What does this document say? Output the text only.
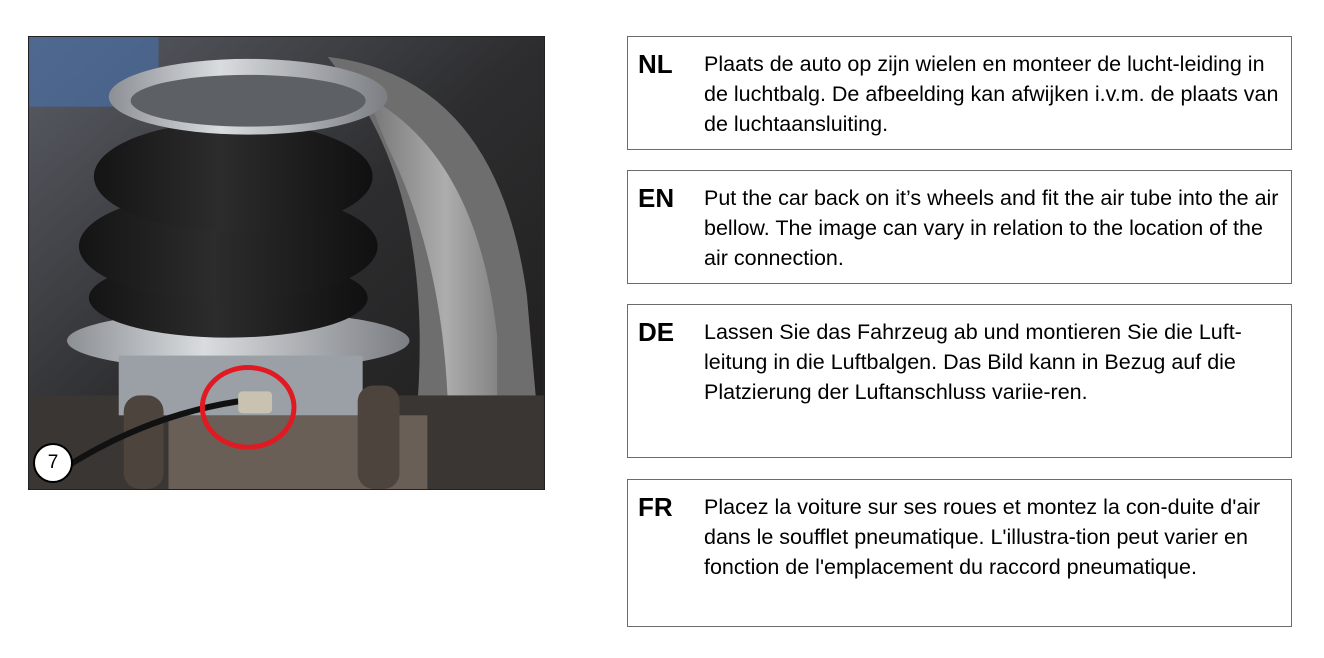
7
NL	Plaats de auto op zijn wielen en monteer de lucht-leiding in de luchtbalg. De afbeelding kan afwijken i.v.m. de plaats van de luchtaansluiting.
EN	Put the car back on it’s wheels and fit the air tube into the air bellow. The image can vary in relation to the location of the air connection.
DE	Lassen Sie das Fahrzeug ab und montieren Sie die Luft-leitung in die Luftbalgen. Das Bild kann in Bezug auf die Platzierung der Luftanschluss variie-ren.
FR	Placez la voiture sur ses roues et montez la con-duite d'air dans le soufflet pneumatique. L'illustra-tion peut varier en fonction de l'emplacement du raccord pneumatique.
